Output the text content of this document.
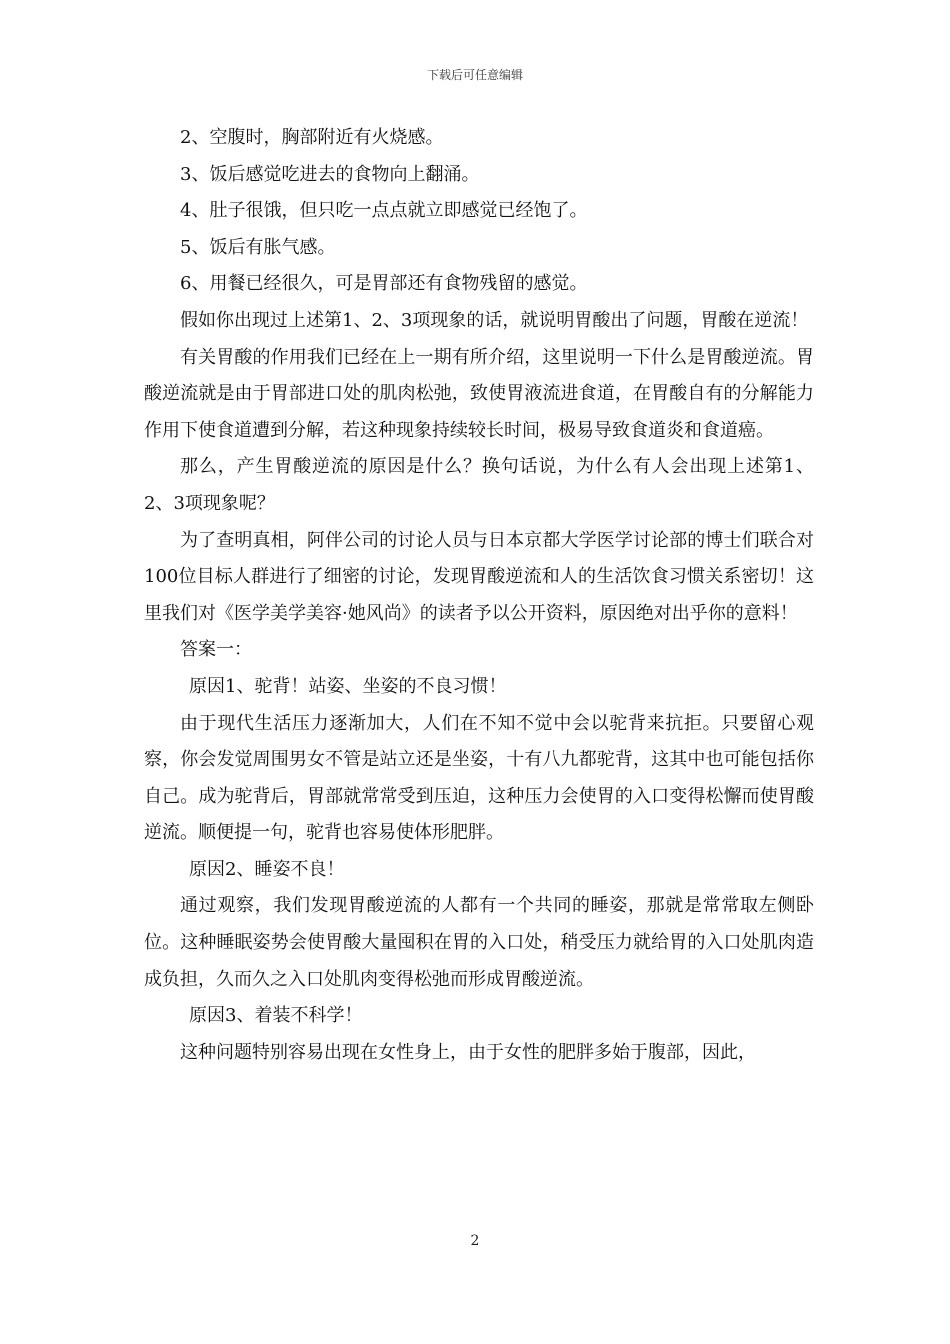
下载后可任意编辑

2、空腹时，胸部附近有火烧感。

3、饭后感觉吃进去的食物向上翻涌。

4、肚子很饿，但只吃一点点就立即感觉已经饱了。

5、饭后有胀气感。

6、用餐已经很久，可是胃部还有食物残留的感觉。

假如你出现过上述第1、2、3项现象的话，就说明胃酸出了问题，胃酸在逆流！

有关胃酸的作用我们已经在上一期有所介绍，这里说明一下什么是胃酸逆流。胃酸逆流就是由于胃部进口处的肌肉松弛，致使胃液流进食道，在胃酸自有的分解能力作用下使食道遭到分解，若这种现象持续较长时间，极易导致食道炎和食道癌。

那么，产生胃酸逆流的原因是什么？换句话说，为什么有人会出现上述第1、2、3项现象呢？

为了查明真相，阿伴公司的讨论人员与日本京都大学医学讨论部的博士们联合对100位目标人群进行了细密的讨论，发现胃酸逆流和人的生活饮食习惯关系密切！这里我们对《医学美学美容·她风尚》的读者予以公开资料，原因绝对出乎你的意料！

答案一：

原因1、驼背！站姿、坐姿的不良习惯！

由于现代生活压力逐渐加大，人们在不知不觉中会以驼背来抗拒。只要留心观察，你会发觉周围男女不管是站立还是坐姿，十有八九都驼背，这其中也可能包括你自己。成为驼背后，胃部就常常受到压迫，这种压力会使胃的入口变得松懈而使胃酸逆流。顺便提一句，驼背也容易使体形肥胖。

原因2、睡姿不良！

通过观察，我们发现胃酸逆流的人都有一个共同的睡姿，那就是常常取左侧卧位。这种睡眠姿势会使胃酸大量囤积在胃的入口处，稍受压力就给胃的入口处肌肉造成负担，久而久之入口处肌肉变得松弛而形成胃酸逆流。

原因3、着装不科学！

这种问题特别容易出现在女性身上，由于女性的肥胖多始于腹部，因此，

2
